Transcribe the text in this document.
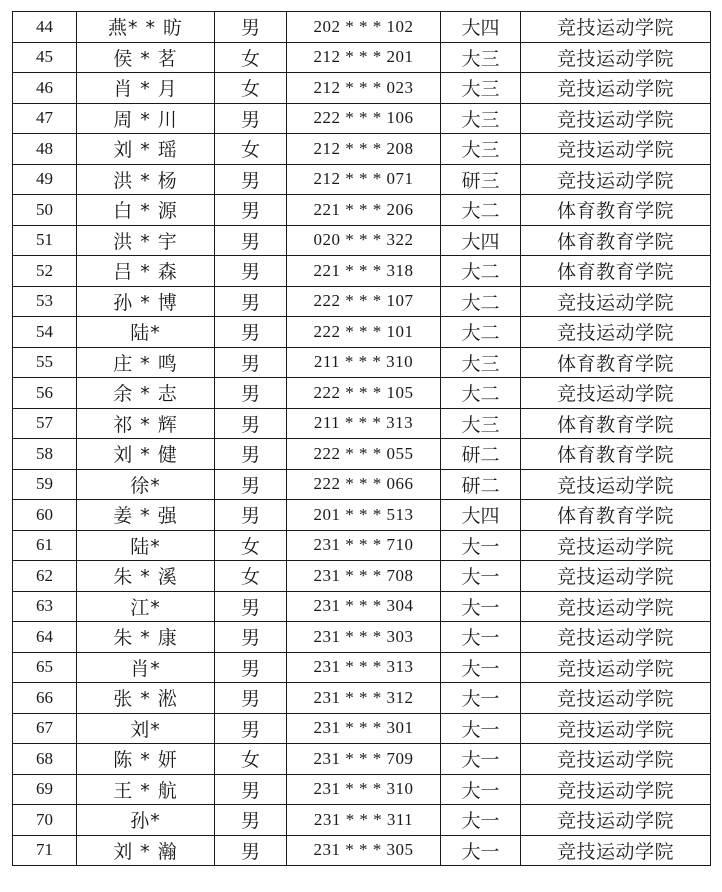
44	燕* * 昉	男	202 * * * 102	大四	竞技运动学院
45	侯 * 茗	女	212 * * * 201	大三	竞技运动学院
46	肖 * 月	女	212 * * * 023	大三	竞技运动学院
47	周 * 川	男	222 * * * 106	大三	竞技运动学院
48	刘 * 瑶	女	212 * * * 208	大三	竞技运动学院
49	洪 * 杨	男	212 * * * 071	研三	竞技运动学院
50	白 * 源	男	221 * * * 206	大二	体育教育学院
51	洪 * 宇	男	020 * * * 322	大四	体育教育学院
52	吕 * 森	男	221 * * * 318	大二	体育教育学院
53	孙 * 博	男	222 * * * 107	大二	竞技运动学院
54	陆*	男	222 * * * 101	大二	竞技运动学院
55	庄 * 鸣	男	211 * * * 310	大三	体育教育学院
56	余 * 志	男	222 * * * 105	大二	竞技运动学院
57	祁 * 辉	男	211 * * * 313	大三	体育教育学院
58	刘 * 健	男	222 * * * 055	研二	体育教育学院
59	徐*	男	222 * * * 066	研二	竞技运动学院
60	姜 * 强	男	201 * * * 513	大四	体育教育学院
61	陆*	女	231 * * * 710	大一	竞技运动学院
62	朱 * 溪	女	231 * * * 708	大一	竞技运动学院
63	江*	男	231 * * * 304	大一	竞技运动学院
64	朱 * 康	男	231 * * * 303	大一	竞技运动学院
65	肖*	男	231 * * * 313	大一	竞技运动学院
66	张 * 淞	男	231 * * * 312	大一	竞技运动学院
67	刘*	男	231 * * * 301	大一	竞技运动学院
68	陈 * 妍	女	231 * * * 709	大一	竞技运动学院
69	王 * 航	男	231 * * * 310	大一	竞技运动学院
70	孙*	男	231 * * * 311	大一	竞技运动学院
71	刘 * 瀚	男	231 * * * 305	大一	竞技运动学院
